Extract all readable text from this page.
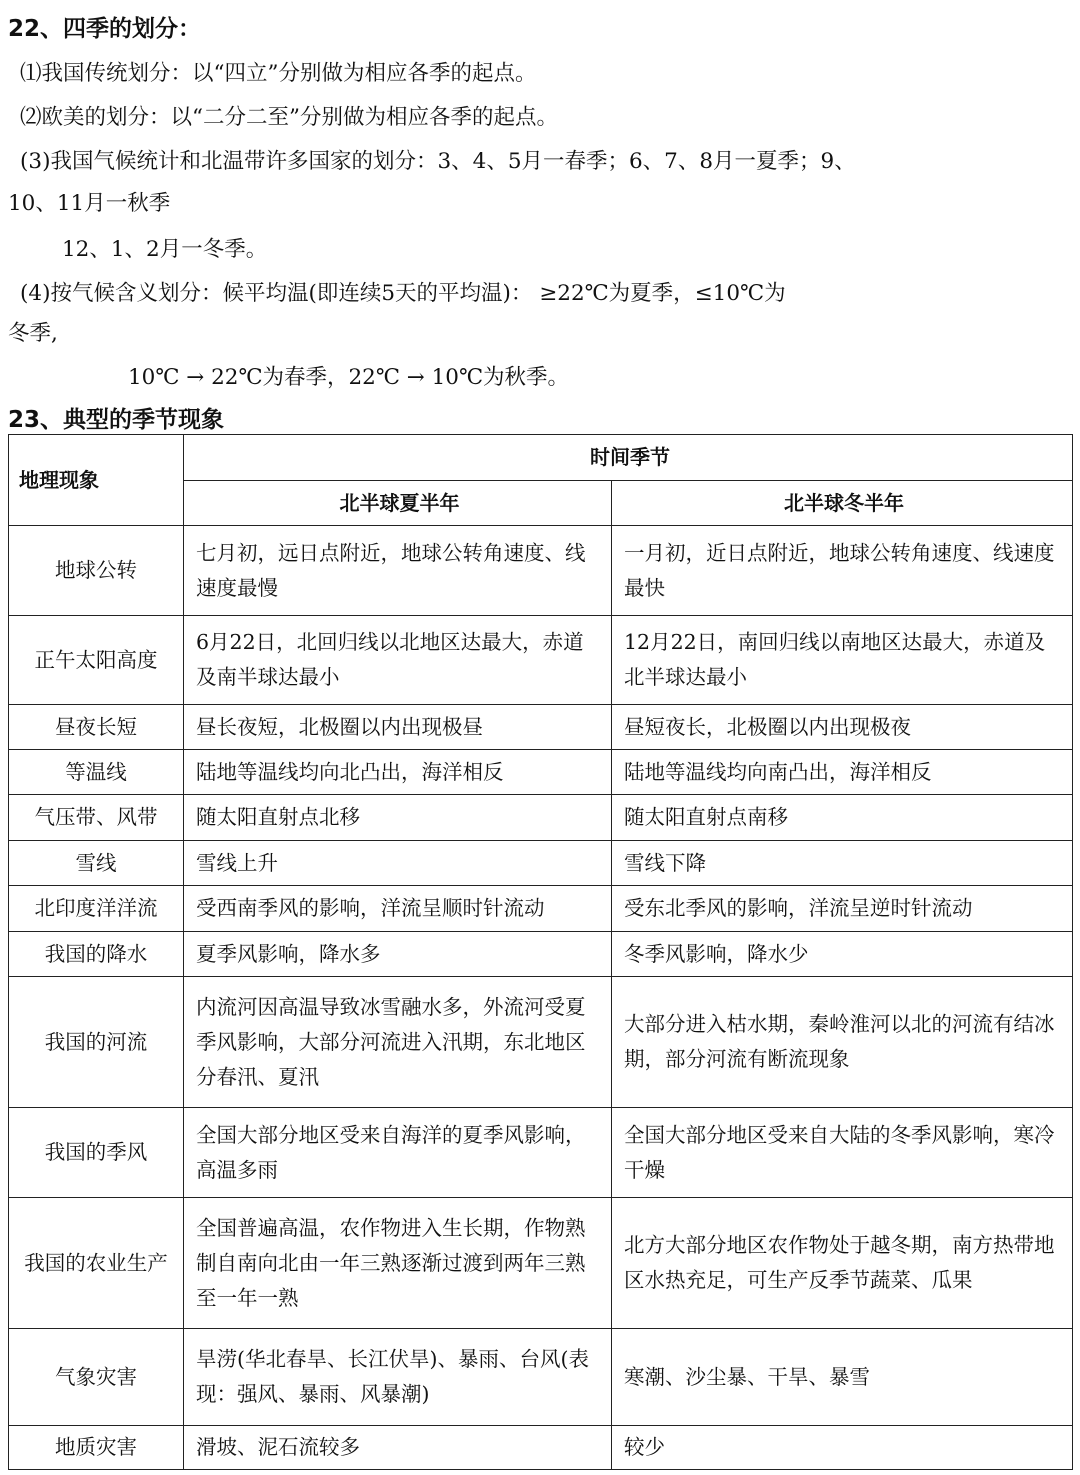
22、四季的划分：

⑴我国传统划分：以“四立”分别做为相应各季的起点。

⑵欧美的划分：以“二分二至”分别做为相应各季的起点。

(3)我国气候统计和北温带许多国家的划分：3、4、5月一春季；6、7、8月一夏季；9、

10、11月一秋季

12、1、2月一冬季。

(4)按气候含义划分：候平均温(即连续5天的平均温)： ≥22℃为夏季，≤10℃为

冬季,

10℃ → 22℃为春季，22℃ → 10℃为秋季。

23、典型的季节现象
地理现象	时间季节	
	北半球夏半年	北半球冬半年
地球公转	七月初，远日点附近，地球公转角速度、线速度最慢	一月初，近日点附近，地球公转角速度、线速度最快
正午太阳高度	6月22日，北回归线以北地区达最大，赤道及南半球达最小	12月22日，南回归线以南地区达最大，赤道及北半球达最小
昼夜长短	昼长夜短，北极圈以内出现极昼	昼短夜长，北极圈以内出现极夜
等温线	陆地等温线均向北凸出，海洋相反	陆地等温线均向南凸出，海洋相反
气压带、风带	随太阳直射点北移	随太阳直射点南移
雪线	雪线上升	雪线下降
北印度洋洋流	受西南季风的影响，洋流呈顺时针流动	受东北季风的影响，洋流呈逆时针流动
我国的降水	夏季风影响，降水多	冬季风影响，降水少
我国的河流	内流河因高温导致冰雪融水多，外流河受夏季风影响，大部分河流进入汛期，东北地区分春汛、夏汛	大部分进入枯水期，秦岭淮河以北的河流有结冰期，部分河流有断流现象
我国的季风	全国大部分地区受来自海洋的夏季风影响，高温多雨	全国大部分地区受来自大陆的冬季风影响，寒冷干燥
我国的农业生产	全国普遍高温，农作物进入生长期，作物熟制自南向北由一年三熟逐渐过渡到两年三熟至一年一熟	北方大部分地区农作物处于越冬期，南方热带地区水热充足，可生产反季节蔬菜、瓜果
气象灾害	旱涝(华北春旱、长江伏旱)、暴雨、台风(表现：强风、暴雨、风暴潮)	寒潮、沙尘暴、干旱、暴雪
地质灾害	滑坡、泥石流较多	较少
